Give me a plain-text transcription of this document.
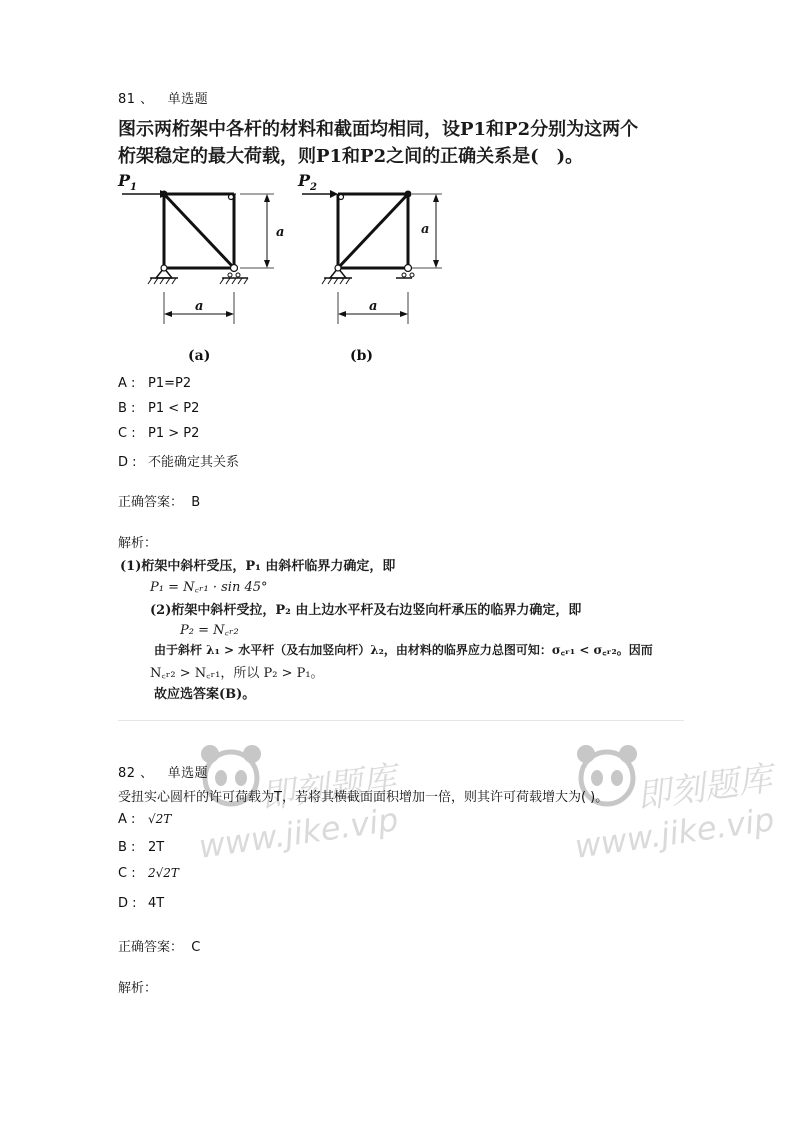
81 、 单选题
图示两桁架中各杆的材料和截面均相同，设P1和P2分别为这两个
桁架稳定的最大荷载，则P1和P2之间的正确关系是(　)。
$P_1$
a
a
(a)
$P_2$
a
(b)
a
A : P1=P2
B : P1 < P2
C : P1 > P2
D : 不能确定其关系
正确答案： B
解析：
(1)桁架中斜杆受压，P₁ 由斜杆临界力确定，即
P₁ = N꜀ᵣ₁ · sin 45°
(2)桁架中斜杆受拉，P₂ 由上边水平杆及右边竖向杆承压的临界力确定，即
P₂ = N꜀ᵣ₂
由于斜杆 λ₁ > 水平杆（及右加竖向杆）λ₂，由材料的临界应力总图可知：σ꜀ᵣ₁ < σ꜀ᵣ₂。因而
N꜀ᵣ₂ > N꜀ᵣ₁，所以 P₂ > P₁。
故应选答案(B)。
即刻题库
www.jike.vip
即刻题库
www.jike.vip
82 、 单选题
受扭实心圆杆的许可荷载为T，若将其横截面面积增加一倍，则其许可荷载增大为( )。
A : √2T
B : 2T
C : 2√2T
D : 4T
正确答案： C
解析：
